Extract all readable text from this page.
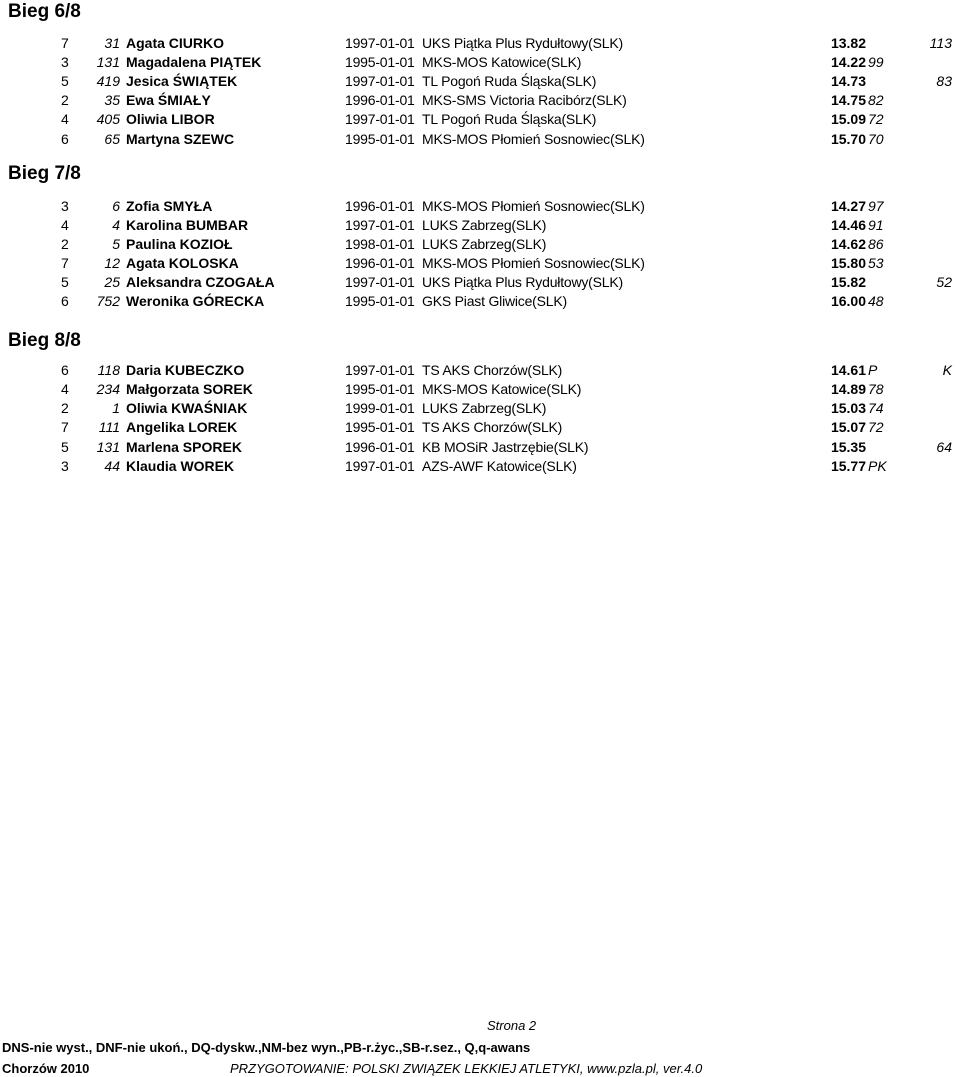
Bieg 6/8
7	31 Agata CIURKO	1997-01-01 UKS Piątka Plus Rydułtowy(SLK)	13.82	113
3 131 Magadalena PIĄTEK	1995-01-01 MKS-MOS Katowice(SLK)	14.22 99
5 419 Jesica ŚWIĄTEK	1997-01-01 TL Pogoń Ruda Śląska(SLK)	14.73	83
2	35 Ewa ŚMIAŁY	1996-01-01 MKS-SMS Victoria Racibórz(SLK)	14.75 82
4 405 Oliwia LIBOR	1997-01-01 TL Pogoń Ruda Śląska(SLK)	15.09 72
6	65 Martyna SZEWC	1995-01-01 MKS-MOS Płomień Sosnowiec(SLK)	15.70 70
Bieg 7/8
3	6 Zofia SMYŁA	1996-01-01 MKS-MOS Płomień Sosnowiec(SLK)	14.27 97
4	4 Karolina BUMBAR	1997-01-01 LUKS Zabrzeg(SLK)	14.46 91
2	5 Paulina KOZIOŁ	1998-01-01 LUKS Zabrzeg(SLK)	14.62 86
7	12 Agata KOLOSKA	1996-01-01 MKS-MOS Płomień Sosnowiec(SLK)	15.80 53
5	25 Aleksandra CZOGAŁA	1997-01-01 UKS Piątka Plus Rydułtowy(SLK)	15.82	52
6 752 Weronika GÓRECKA	1995-01-01 GKS Piast Gliwice(SLK)	16.00 48
Bieg 8/8
6 118 Daria KUBECZKO	1997-01-01 TS AKS Chorzów(SLK)	14.61 P	K
4 234 Małgorzata SOREK	1995-01-01 MKS-MOS Katowice(SLK)	14.89 78
2	1 Oliwia KWAŚNIAK	1999-01-01 LUKS Zabrzeg(SLK)	15.03 74
7 111 Angelika LOREK	1995-01-01 TS AKS Chorzów(SLK)	15.07 72
5 131 Marlena SPOREK	1996-01-01 KB MOSiR Jastrzębie(SLK)	15.35	64
3	44 Klaudia WOREK	1997-01-01 AZS-AWF Katowice(SLK)	15.77 PK
Strona 2
DNS-nie wyst., DNF-nie ukoń., DQ-dyskw.,NM-bez wyn.,PB-r.życ.,SB-r.sez., Q,q-awans
Chorzów 2010	PRZYGOTOWANIE: POLSKI ZWIĄZEK LEKKIEJ ATLETYKI, www.pzla.pl, ver.4.0
